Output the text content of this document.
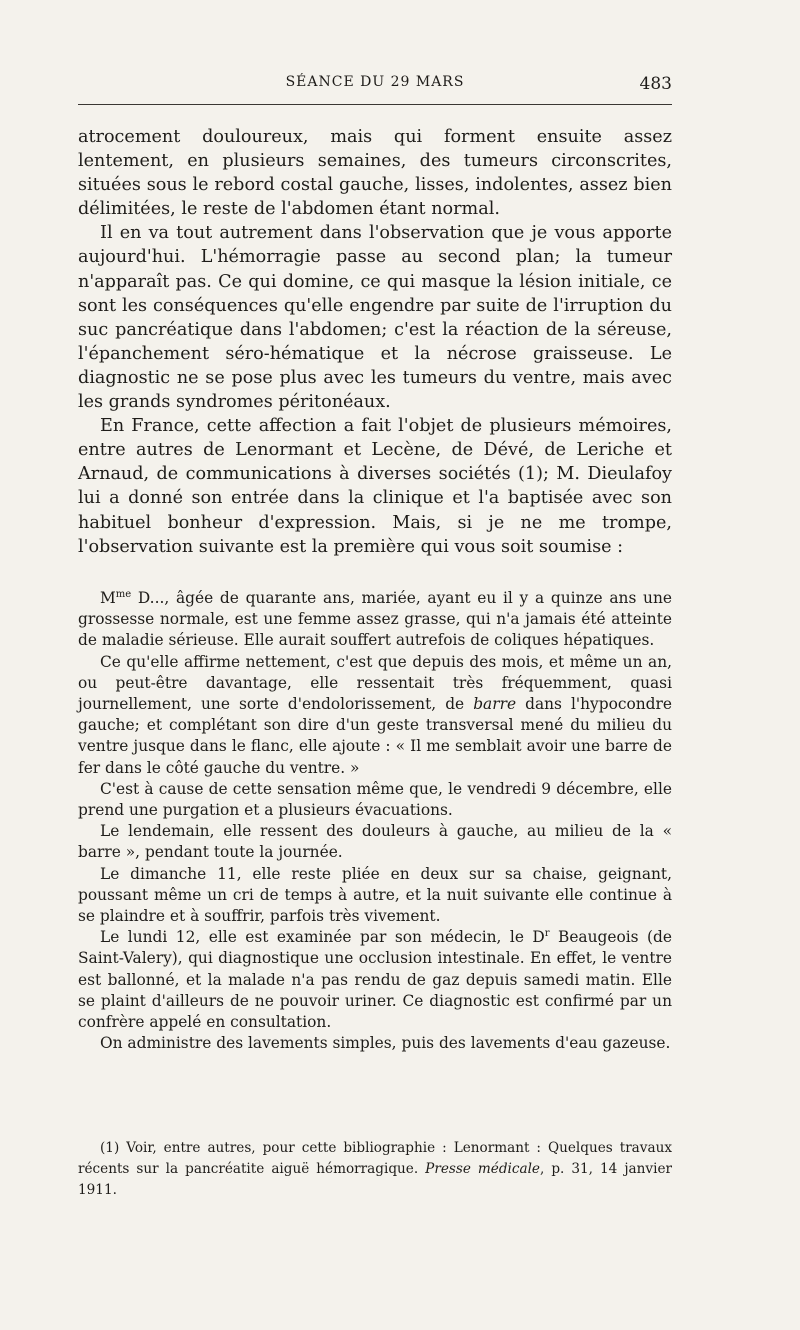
SÉANCE DU 29 MARS	483

atrocement douloureux, mais qui forment ensuite assez lentement, en plusieurs semaines, des tumeurs circonscrites, situées sous le rebord costal gauche, lisses, indolentes, assez bien délimitées, le reste de l'abdomen étant normal.

Il en va tout autrement dans l'observation que je vous apporte aujourd'hui. L'hémorragie passe au second plan; la tumeur n'apparaît pas. Ce qui domine, ce qui masque la lésion initiale, ce sont les conséquences qu'elle engendre par suite de l'irruption du suc pancréatique dans l'abdomen; c'est la réaction de la séreuse, l'épanchement séro-hématique et la nécrose graisseuse. Le diagnostic ne se pose plus avec les tumeurs du ventre, mais avec les grands syndromes péritonéaux.

En France, cette affection a fait l'objet de plusieurs mémoires, entre autres de Lenormant et Lecène, de Dévé, de Leriche et Arnaud, de communications à diverses sociétés (1); M. Dieulafoy lui a donné son entrée dans la clinique et l'a baptisée avec son habituel bonheur d'expression. Mais, si je ne me trompe, l'observation suivante est la première qui vous soit soumise :

$M^{me}$ D..., âgée de quarante ans, mariée, ayant eu il y a quinze ans une grossesse normale, est une femme assez grasse, qui n'a jamais été atteinte de maladie sérieuse. Elle aurait souffert autrefois de coliques hépatiques.

Ce qu'elle affirme nettement, c'est que depuis des mois, et même un an, ou peut-être davantage, elle ressentait très fréquemment, quasi journellement, une sorte d'endolorissement, de barre dans l'hypocondre gauche; et complétant son dire d'un geste transversal mené du milieu du ventre jusque dans le flanc, elle ajoute : « Il me semblait avoir une barre de fer dans le côté gauche du ventre. »

C'est à cause de cette sensation même que, le vendredi 9 décembre, elle prend une purgation et a plusieurs évacuations.

Le lendemain, elle ressent des douleurs à gauche, au milieu de la « barre », pendant toute la journée.

Le dimanche 11, elle reste pliée en deux sur sa chaise, geignant, poussant même un cri de temps à autre, et la nuit suivante elle continue à se plaindre et à souffrir, parfois très vivement.

Le lundi 12, elle est examinée par son médecin, le $D^r$ Beaugeois (de Saint-Valery), qui diagnostique une occlusion intestinale. En effet, le ventre est ballonné, et la malade n'a pas rendu de gaz depuis samedi matin. Elle se plaint d'ailleurs de ne pouvoir uriner. Ce diagnostic est confirmé par un confrère appelé en consultation.

On administre des lavements simples, puis des lavements d'eau gazeuse.

(1) Voir, entre autres, pour cette bibliographie : Lenormant : Quelques travaux récents sur la pancréatite aiguë hémorragique. Presse médicale, p. 31, 14 janvier 1911.
